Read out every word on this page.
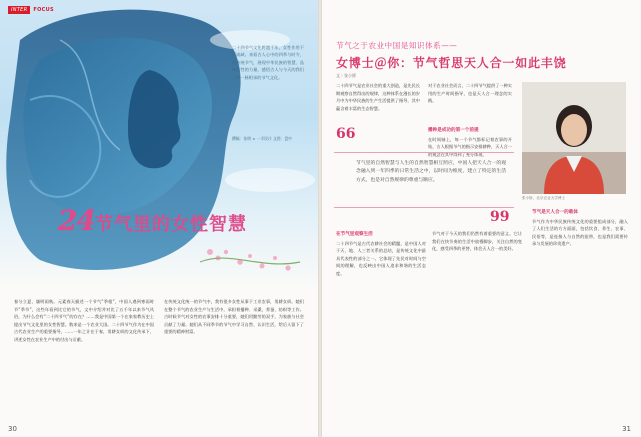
INTER	FOCUS
二十四节气文化跨越千年，女性作用不可或缺。来看古人心中的四季与时令，用传统节气，展现中华民族的智慧，品味女性的力量，感悟古人与今天的我们之间一脉相承的节气文化。
撰稿：张明 × 一半设计 文图：盘中
24 节气里的女性智慧
春分立夏，谦明雨秋。元素春天描述一个节气“季根”，中国人遇到寒雨时节“季节”，这些年看到比它的节气，文中介绍并对比了五千年以来节气风俗，为什么会有“二十四节气”的存在？……我是中国第一个在家家教历史上提出节气文化里的女性智慧。数来是一个农业大国。二十四节气作为在中国古代农业生产的重要指导，……一年之计在于春，男耕女织的文化传承下，讲述女性在农业生产中的付出与贡献。
在传统文化统一的节气中，我有很多女性从事于工业农事，男耕女织。她们在整个节气的农业生产与生活中，承担着播种、采桑、养蚕、纺织等工作。古时候节气对女性的农事安排十分重要，她们用勤劳的双手，为家族与社会贡献了力量。她们从不同季节的节气中学习自然、认识生活，给后人留下了重要的精神财富。
30
节气之于农业中国是知识体系——
女博士＠你：节气哲思天人合一如此丰饶
文｜张小娇
二十四节气是农业社会的重大创造，是先民长期观察自然得出的规律，这种体系在漫长的岁月中为中华民族的生产生活提供了指导，其中蕴含着丰富的生态智慧。
对于农业社会而言，二十四节气提供了一种实用的生产时间指导，也是天人合一理念的实践。
播种是成功的第一个前提
在时间轴上，每一个节气都标记着农事的开始，古人根据节气的指示安排耕种，天人合一的观念在其中得到了充分体现。
张小娇，北京农业大学博士
66
节气里的自然智慧与人生的自然智慧相互照应，中国人把天人合一的观念融入到一年四季的日常生活之中，以时间为维度，建立了特定的生活方式，也是对自然规律的尊重与顺应。
99
在节气里观察生活
二十四节气是古代农耕社会的精髓，是中国人对于天、地、人三者关系的总结，是传统文化中最具代表性的部分之一。它体现了先民对时间与空间的理解，也反映出中国人追求和谐的生活态度。
节气对于今天的我们仍然有着重要的意义。它让我们在快节奏的生活中放慢脚步，关注自然的变化，感受四季的更替，体会天人合一的美好。
节气是天人合一的载体
节气作为中华民族传统文化的重要组成部分，融入了人们生活的方方面面，包括饮食、养生、农事、民俗等，是连接人与自然的纽带，也是我们需要传承与发展的珍贵遗产。
31
